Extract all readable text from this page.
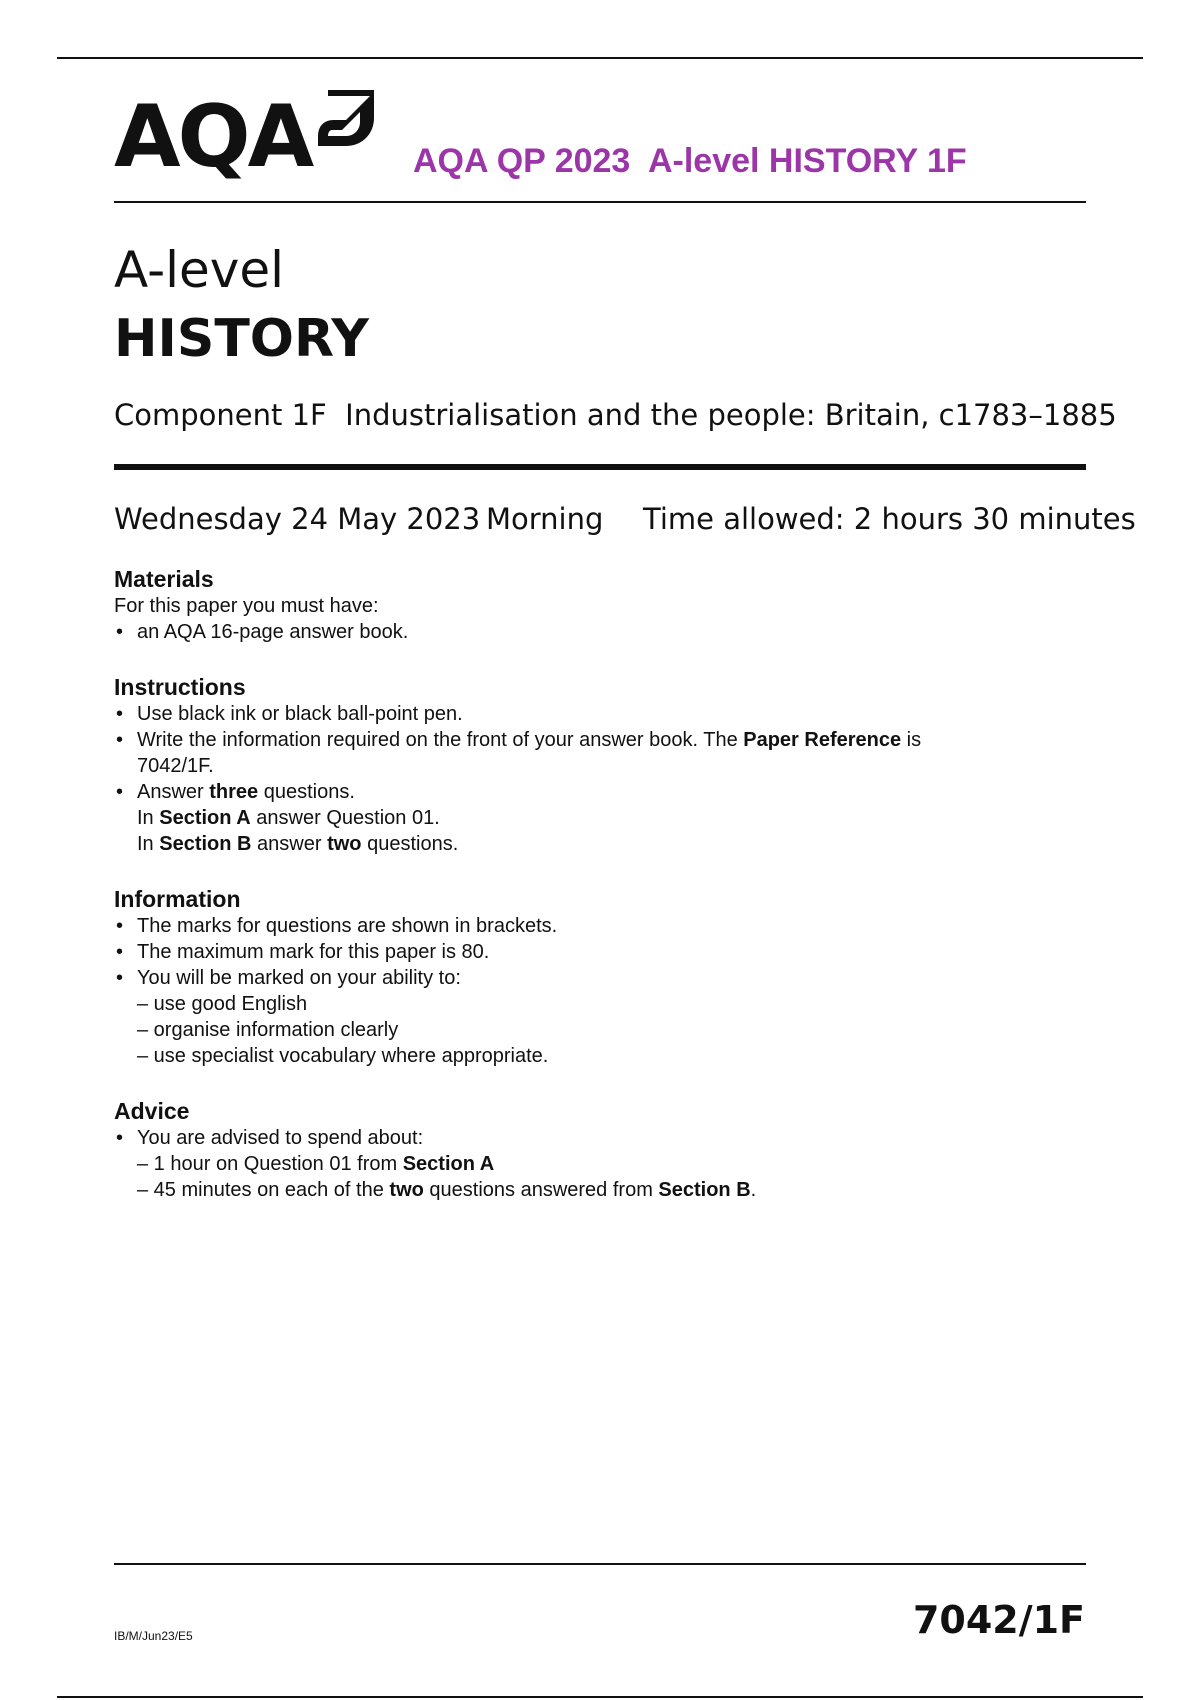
AQA	AQA QP 2023  A-level HISTORY 1F
A-level
HISTORY
Component 1F  Industrialisation and the people: Britain, c1783–1885
Wednesday 24 May 2023 Morning Time allowed: 2 hours 30 minutes
Materials
For this paper you must have:
• an AQA 16-page answer book.
Instructions
• Use black ink or black ball-point pen.
• Write the information required on the front of your answer book. The Paper Reference is
7042/1F.
• Answer three questions.
In Section A answer Question 01.
In Section B answer two questions.
Information
• The marks for questions are shown in brackets.
• The maximum mark for this paper is 80.
• You will be marked on your ability to:
– use good English
– organise information clearly
– use specialist vocabulary where appropriate.
Advice
• You are advised to spend about:
– 1 hour on Question 01 from Section A
– 45 minutes on each of the two questions answered from Section B.
IB/M/Jun23/E5	7042/1F
